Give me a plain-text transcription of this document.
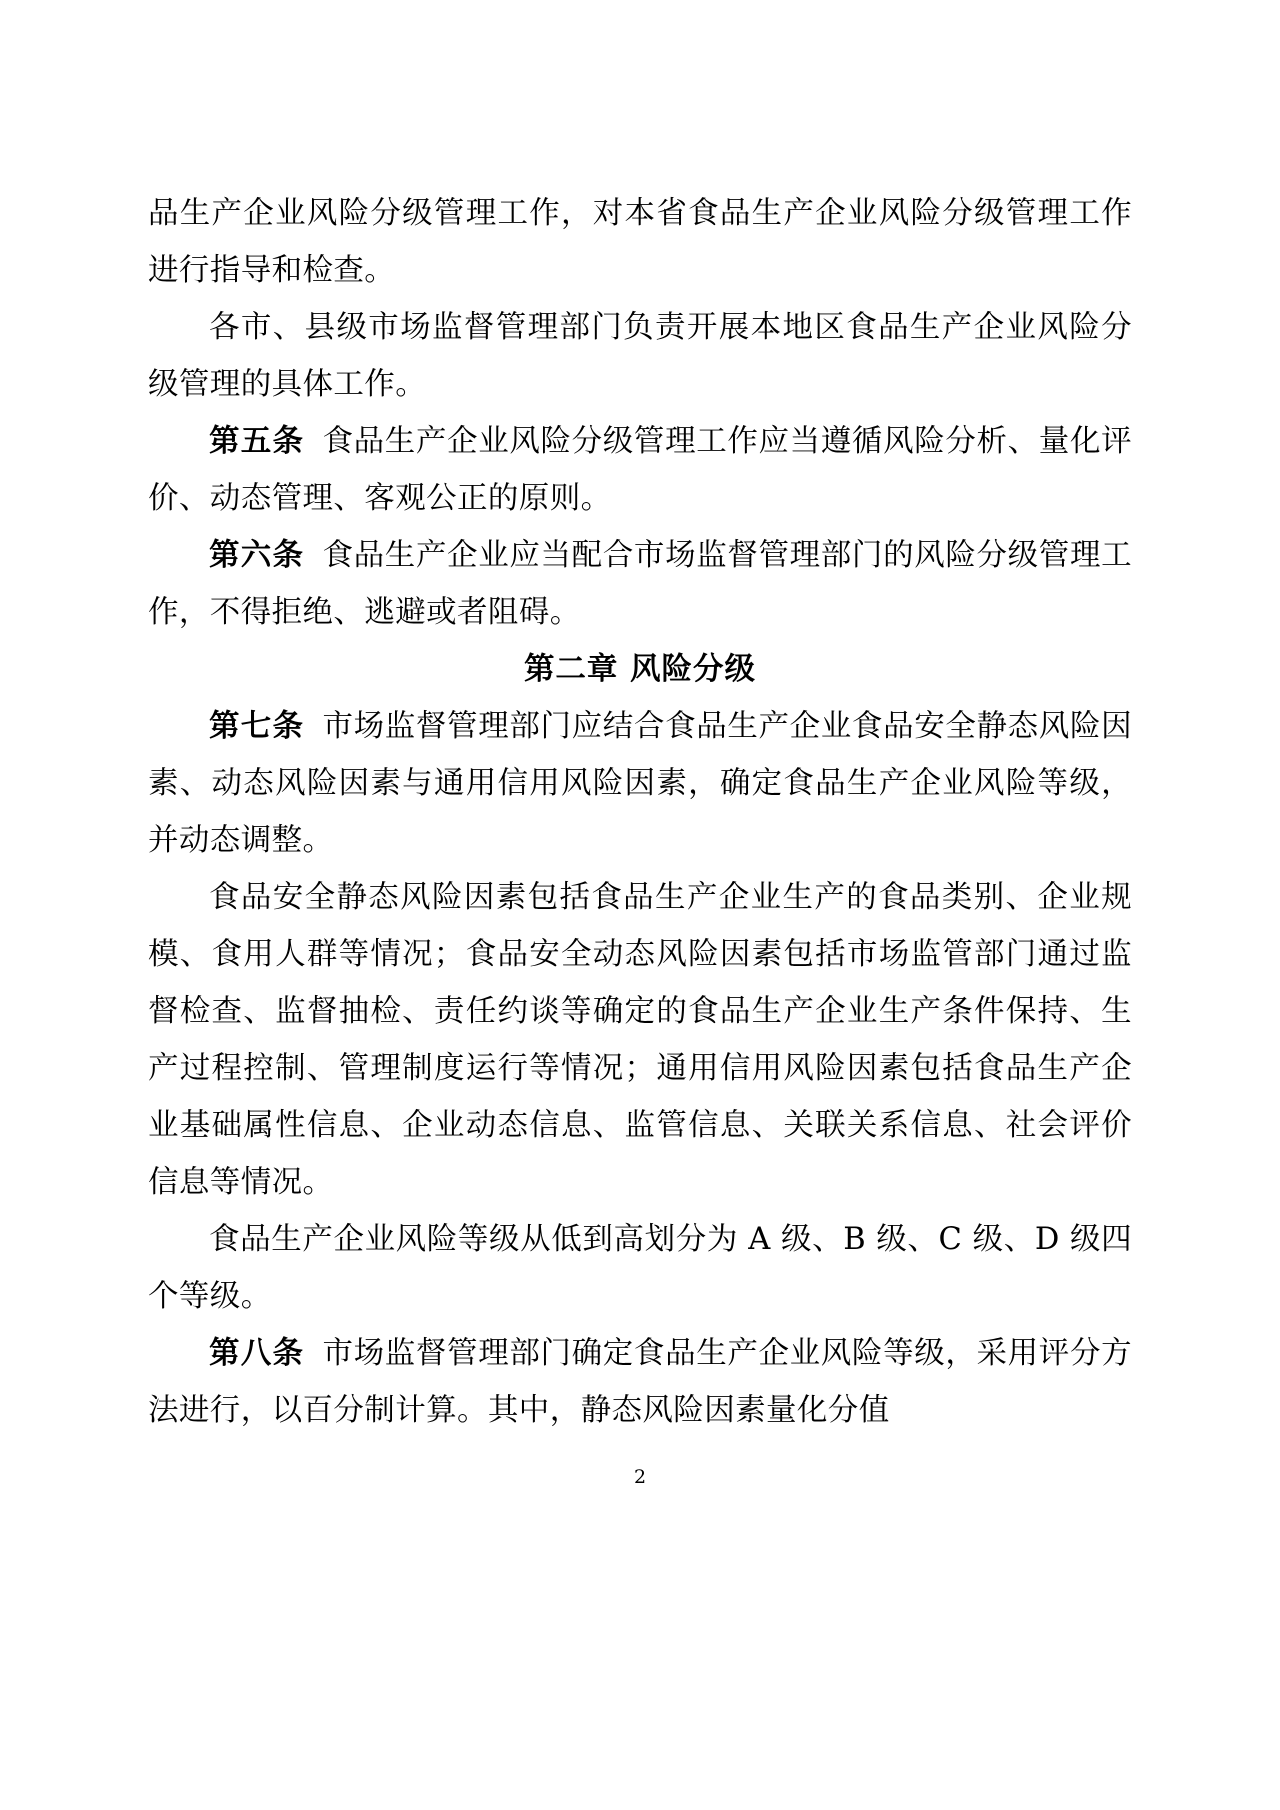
品生产企业风险分级管理工作，对本省食品生产企业风险分级管理工作进行指导和检查。

各市、县级市场监督管理部门负责开展本地区食品生产企业风险分级管理的具体工作。

第五条 食品生产企业风险分级管理工作应当遵循风险分析、量化评价、动态管理、客观公正的原则。

第六条 食品生产企业应当配合市场监督管理部门的风险分级管理工作，不得拒绝、逃避或者阻碍。

第二章 风险分级

第七条 市场监督管理部门应结合食品生产企业食品安全静态风险因素、动态风险因素与通用信用风险因素，确定食品生产企业风险等级，并动态调整。

食品安全静态风险因素包括食品生产企业生产的食品类别、企业规模、食用人群等情况；食品安全动态风险因素包括市场监管部门通过监督检查、监督抽检、责任约谈等确定的食品生产企业生产条件保持、生产过程控制、管理制度运行等情况；通用信用风险因素包括食品生产企业基础属性信息、企业动态信息、监管信息、关联关系信息、社会评价信息等情况。

食品生产企业风险等级从低到高划分为 A 级、B 级、C 级、D 级四个等级。

第八条 市场监督管理部门确定食品生产企业风险等级，采用评分方法进行，以百分制计算。其中，静态风险因素量化分值

2
